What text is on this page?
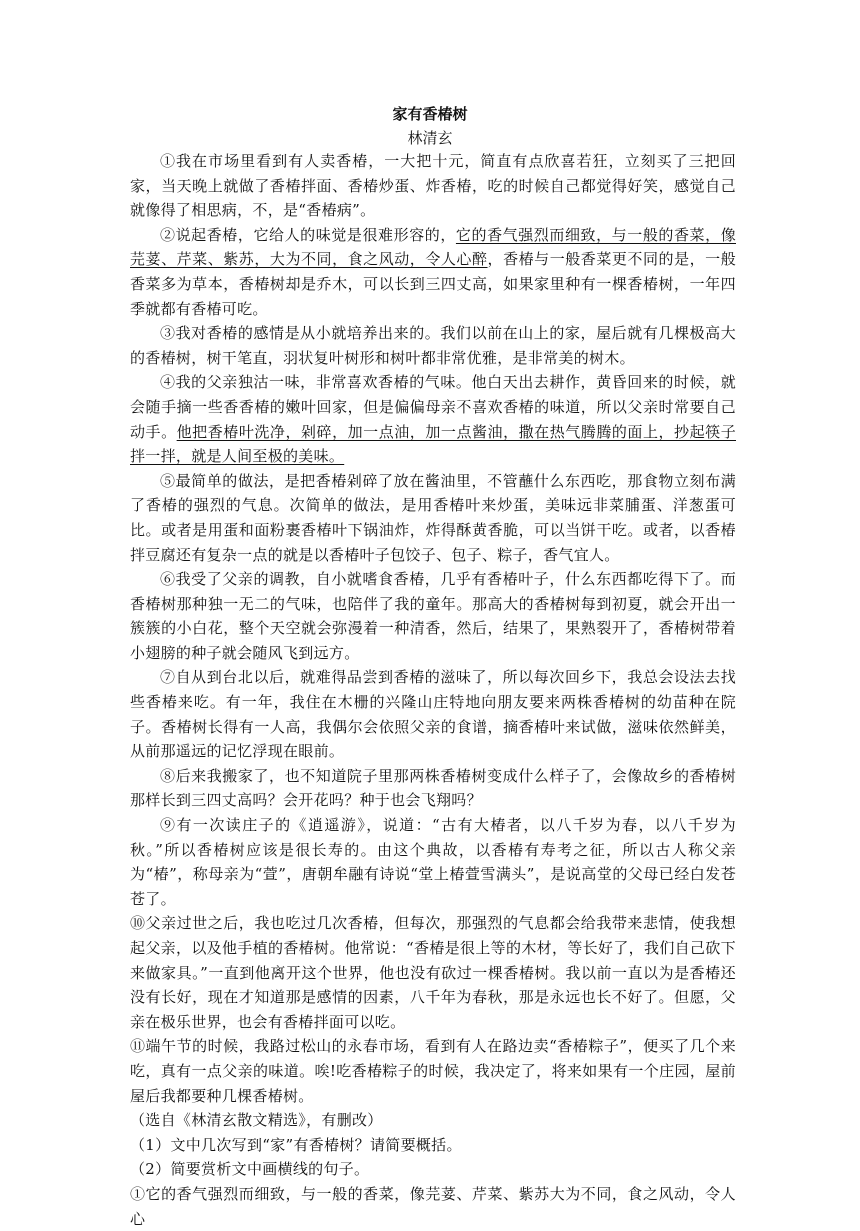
家有香椿树
林清玄

①我在市场里看到有人卖香椿，一大把十元，简直有点欣喜若狂，立刻买了三把回家，当天晚上就做了香椿拌面、香椿炒蛋、炸香椿，吃的时候自己都觉得好笑，感觉自己就像得了相思病，不，是“香椿病”。

②说起香椿，它给人的味觉是很难形容的，它的香气强烈而细致，与一般的香菜，像芫荽、芹菜、紫苏，大为不同，食之风动，令人心醉，香椿与一般香菜更不同的是，一般香菜多为草本，香椿树却是乔木，可以长到三四丈高，如果家里种有一棵香椿树，一年四季就都有香椿可吃。

③我对香椿的感情是从小就培养出来的。我们以前在山上的家，屋后就有几棵极高大的香椿树，树干笔直，羽状复叶树形和树叶都非常优雅，是非常美的树木。

④我的父亲独沽一味，非常喜欢香椿的气味。他白天出去耕作，黄昏回来的时候，就会随手摘一些香香椿的嫩叶回家，但是偏偏母亲不喜欢香椿的味道，所以父亲时常要自己动手。他把香椿叶洗净，剁碎，加一点油，加一点酱油，撒在热气腾腾的面上，抄起筷子拌一拌，就是人间至极的美味。

⑤最简单的做法，是把香椿剁碎了放在酱油里，不管蘸什么东西吃，那食物立刻布满了香椿的强烈的气息。次简单的做法，是用香椿叶来炒蛋，美味远非菜脯蛋、洋葱蛋可比。或者是用蛋和面粉裹香椿叶下锅油炸，炸得酥黄香脆，可以当饼干吃。或者，以香椿拌豆腐还有复杂一点的就是以香椿叶子包饺子、包子、粽子，香气宜人。

⑥我受了父亲的调教，自小就嗜食香椿，几乎有香椿叶子，什么东西都吃得下了。而香椿树那种独一无二的气味，也陪伴了我的童年。那高大的香椿树每到初夏，就会开出一簇簇的小白花，整个天空就会弥漫着一种清香，然后，结果了，果熟裂开了，香椿树带着小翅膀的种子就会随风飞到远方。

⑦自从到台北以后，就难得品尝到香椿的滋味了，所以每次回乡下，我总会设法去找些香椿来吃。有一年，我住在木栅的兴隆山庄特地向朋友要来两株香椿树的幼苗种在院子。香椿树长得有一人高，我偶尔会依照父亲的食谱，摘香椿叶来试做，滋味依然鲜美，从前那遥远的记忆浮现在眼前。

⑧后来我搬家了，也不知道院子里那两株香椿树变成什么样子了，会像故乡的香椿树那样长到三四丈高吗？会开花吗？种于也会飞翔吗？

⑨有一次读庄子的《逍遥游》，说道：“古有大椿者，以八千岁为春，以八千岁为秋。”所以香椿树应该是很长寿的。由这个典故，以香椿有寿考之征，所以古人称父亲为“椿”，称母亲为“萱”，唐朝牟融有诗说“堂上椿萱雪满头”，是说高堂的父母已经白发苍苍了。

⑩父亲过世之后，我也吃过几次香椿，但每次，那强烈的气息都会给我带来悲情，使我想起父亲，以及他手植的香椿树。他常说：“香椿是很上等的木材，等长好了，我们自己砍下来做家具。”一直到他离开这个世界，他也没有砍过一棵香椿树。我以前一直以为是香椿还没有长好，现在才知道那是感情的因素，八千年为春秋，那是永远也长不好了。但愿，父亲在极乐世界，也会有香椿拌面可以吃。

⑪端午节的时候，我路过松山的永春市场，看到有人在路边卖“香椿粽子”，便买了几个来吃，真有一点父亲的味道。唉!吃香椿粽子的时候，我决定了，将来如果有一个庄园，屋前屋后我都要种几棵香椿树。

（选自《林清玄散文精选》，有删改）

（1）文中几次写到“家”有香椿树？请简要概括。

（2）简要赏析文中画横线的句子。

①它的香气强烈而细致，与一般的香菜，像芫荽、芹菜、紫苏大为不同，食之风动，令人心
